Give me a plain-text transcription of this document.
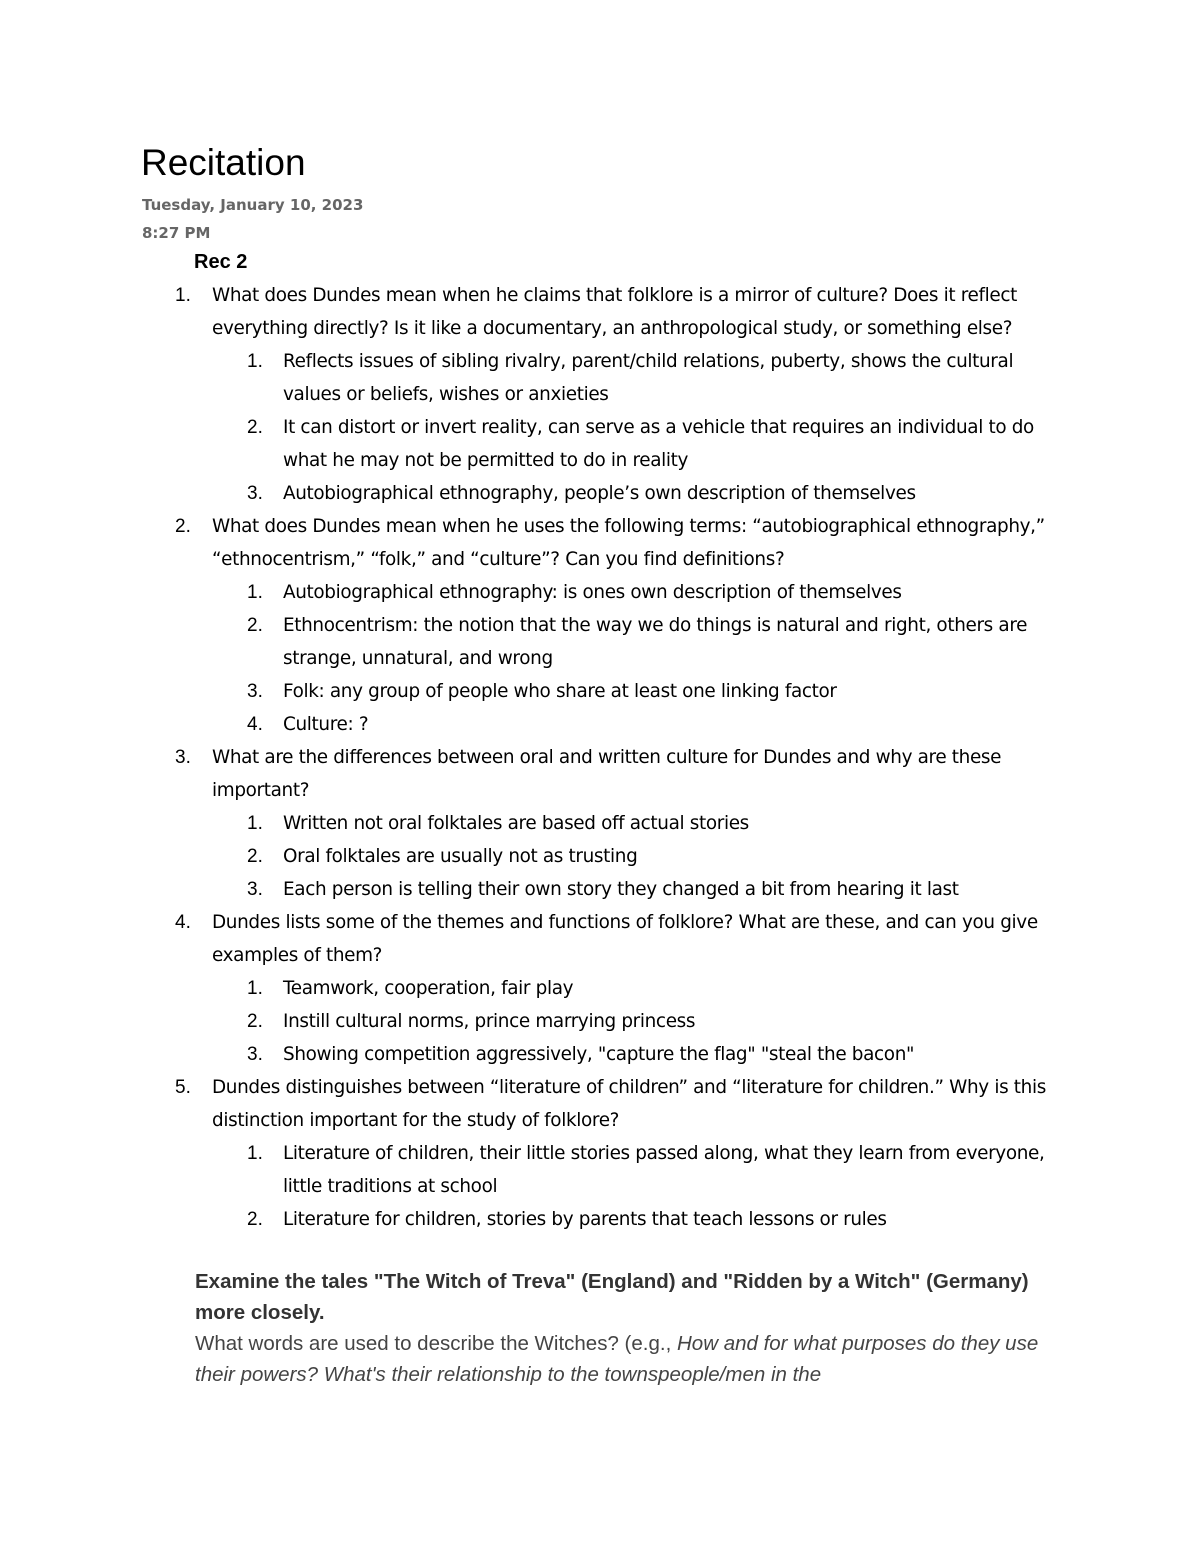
Recitation
Tuesday, January 10, 2023
8:27 PM
Rec 2
1. What does Dundes mean when he claims that folklore is a mirror of culture? Does it reflect everything directly? Is it like a documentary, an anthropological study, or something else?
1. Reflects issues of sibling rivalry, parent/child relations, puberty, shows the cultural values or beliefs, wishes or anxieties
2. It can distort or invert reality, can serve as a vehicle that requires an individual to do what he may not be permitted to do in reality
3. Autobiographical ethnography, people’s own description of themselves
2. What does Dundes mean when he uses the following terms: “autobiographical ethnography,” “ethnocentrism,” “folk,” and “culture”? Can you find definitions?
1. Autobiographical ethnography: is ones own description of themselves
2. Ethnocentrism: the notion that the way we do things is natural and right, others are strange, unnatural, and wrong
3. Folk: any group of people who share at least one linking factor
4. Culture: ?
3. What are the differences between oral and written culture for Dundes and why are these important?
1. Written not oral folktales are based off actual stories
2. Oral folktales are usually not as trusting
3. Each person is telling their own story they changed a bit from hearing it last
4. Dundes lists some of the themes and functions of folklore? What are these, and can you give examples of them?
1. Teamwork, cooperation, fair play
2. Instill cultural norms, prince marrying princess
3. Showing competition aggressively, "capture the flag" "steal the bacon"
5. Dundes distinguishes between “literature of children” and “literature for children.” Why is this distinction important for the study of folklore?
1. Literature of children, their little stories passed along, what they learn from everyone, little traditions at school
2. Literature for children, stories by parents that teach lessons or rules

Examine the tales "The Witch of Treva" (England) and "Ridden by a Witch" (Germany) more closely.

What words are used to describe the Witches? (e.g., How and for what purposes do they use their powers? What's their relationship to the townspeople/men in the
